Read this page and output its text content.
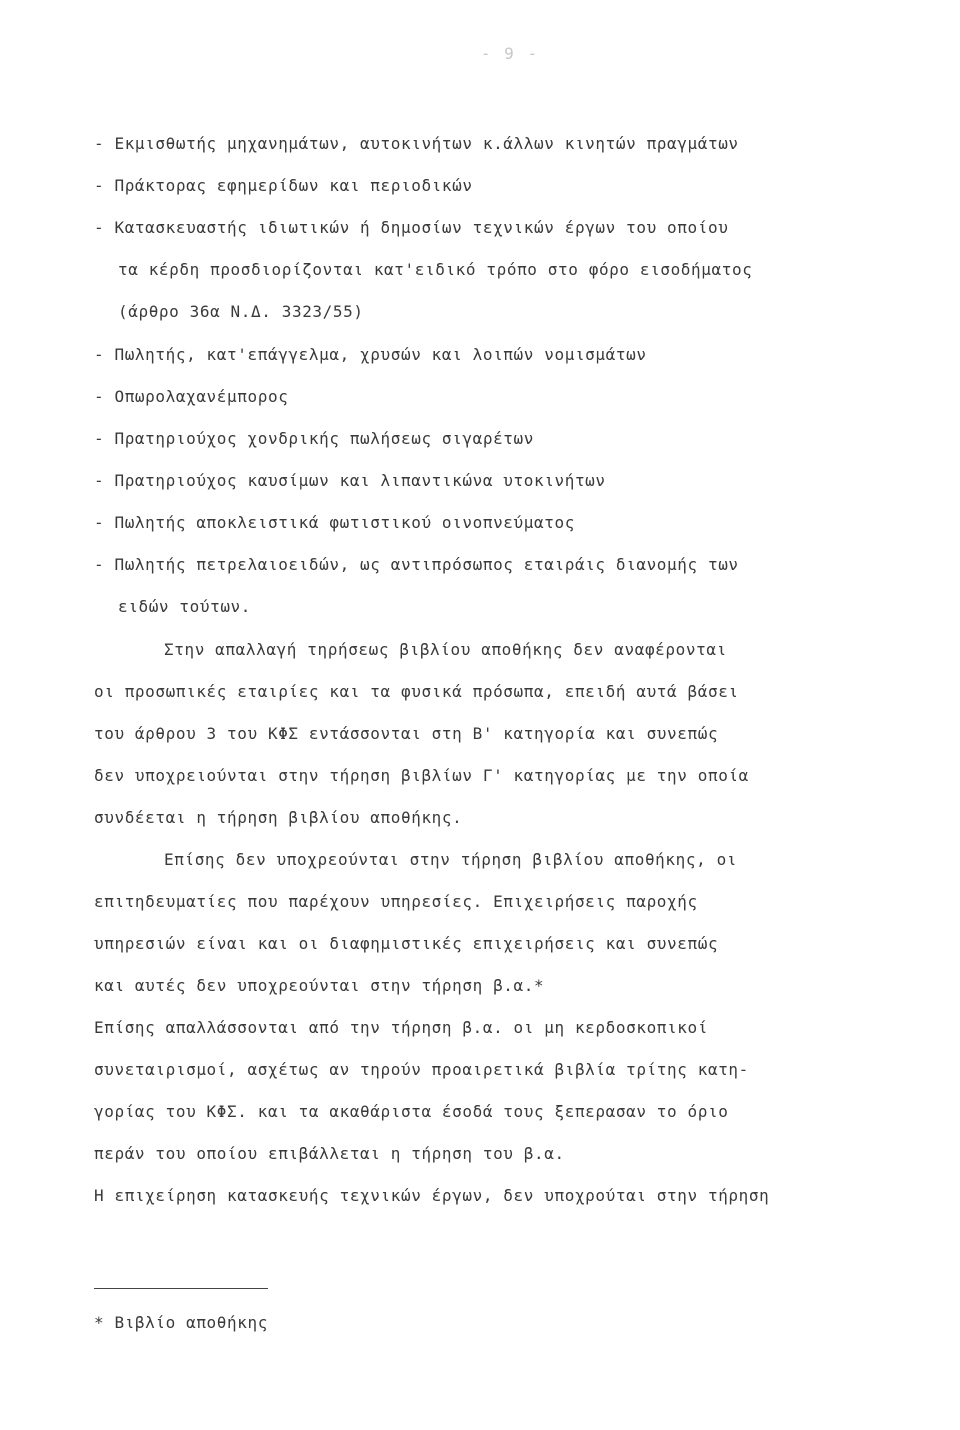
- 9 -
- Εκμισθωτής μηχανημάτων, αυτοκινήτων κ.άλλων κινητών πραγμάτων
- Πράκτορας εφημερίδων και περιοδικών
- Κατασκευαστής ιδιωτικών ή δημοσίων τεχνικών έργων του οποίου
τα κέρδη προσδιορίζονται κατ'ειδικό τρόπο στο φόρο εισοδήματος
(άρθρο 36α Ν.Δ. 3323/55)
- Πωλητής, κατ'επάγγελμα, χρυσών και λοιπών νομισμάτων
- Οπωρολαχανέμπορος
- Πρατηριούχος χονδρικής πωλήσεως σιγαρέτων
- Πρατηριούχος καυσίμων και λιπαντικώνα υτοκινήτων
- Πωλητής αποκλειστικά φωτιστικού οινοπνεύματος
- Πωλητής πετρελαιοειδών, ως αντιπρόσωπος εταιράις διανομής των
ειδών τούτων.
Στην απαλλαγή τηρήσεως βιβλίου αποθήκης δεν αναφέρονται
οι προσωπικές εταιρίες και τα φυσικά πρόσωπα, επειδή αυτά βάσει
του άρθρου 3 του ΚΦΣ εντάσσονται στη Β' κατηγορία και συνεπώς
δεν υποχρειούνται στην τήρηση βιβλίων Γ' κατηγορίας με την οποία
συνδέεται η τήρηση βιβλίου αποθήκης.
Επίσης δεν υποχρεούνται στην τήρηση βιβλίου αποθήκης, οι
επιτηδευματίες που παρέχουν υπηρεσίες. Επιχειρήσεις παροχής
υπηρεσιών είναι και οι διαφημιστικές επιχειρήσεις και συνεπώς
και αυτές δεν υποχρεούνται στην τήρηση β.α.*
Επίσης απαλλάσσονται από την τήρηση β.α. οι μη κερδοσκοπικοί
συνεταιρισμοί, ασχέτως αν τηρούν προαιρετικά βιβλία τρίτης κατη-
γορίας του ΚΦΣ. και τα ακαθάριστα έσοδά τους ξεπερασαν το όριο
περάν του οποίου επιβάλλεται η τήρηση του β.α.
Η επιχείρηση κατασκευής τεχνικών έργων, δεν υποχρούται στην τήρηση
* Βιβλίο αποθήκης
